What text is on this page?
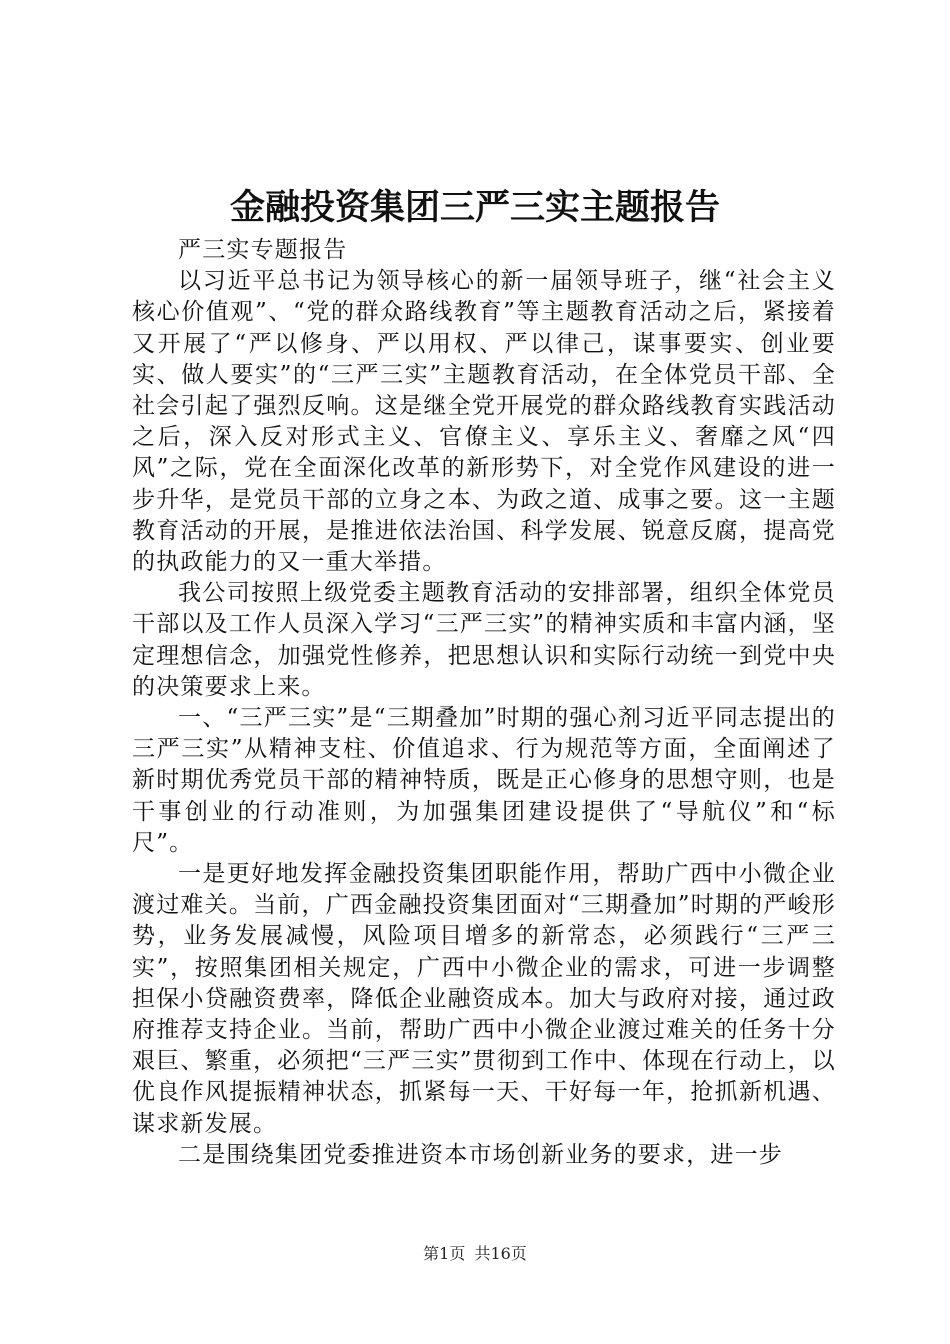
金融投资集团三严三实主题报告

严三实专题报告

以习近平总书记为领导核心的新一届领导班子，继“社会主义核心价值观”、“党的群众路线教育”等主题教育活动之后，紧接着又开展了“严以修身、严以用权、严以律己，谋事要实、创业要实、做人要实”的“三严三实”主题教育活动，在全体党员干部、全社会引起了强烈反响。这是继全党开展党的群众路线教育实践活动之后，深入反对形式主义、官僚主义、享乐主义、奢靡之风“四风”之际，党在全面深化改革的新形势下，对全党作风建设的进一步升华，是党员干部的立身之本、为政之道、成事之要。这一主题教育活动的开展，是推进依法治国、科学发展、锐意反腐，提高党的执政能力的又一重大举措。

我公司按照上级党委主题教育活动的安排部署，组织全体党员干部以及工作人员深入学习“三严三实”的精神实质和丰富内涵，坚定理想信念，加强党性修养，把思想认识和实际行动统一到党中央的决策要求上来。

一、“三严三实”是“三期叠加”时期的强心剂习近平同志提出的三严三实”从精神支柱、价值追求、行为规范等方面，全面阐述了新时期优秀党员干部的精神特质，既是正心修身的思想守则，也是干事创业的行动准则，为加强集团建设提供了“导航仪”和“标尺”。

一是更好地发挥金融投资集团职能作用，帮助广西中小微企业渡过难关。当前，广西金融投资集团面对“三期叠加”时期的严峻形势，业务发展减慢，风险项目增多的新常态，必须践行“三严三实”，按照集团相关规定，广西中小微企业的需求，可进一步调整担保小贷融资费率，降低企业融资成本。加大与政府对接，通过政府推荐支持企业。当前，帮助广西中小微企业渡过难关的任务十分艰巨、繁重，必须把“三严三实”贯彻到工作中、体现在行动上，以优良作风提振精神状态，抓紧每一天、干好每一年，抢抓新机遇、谋求新发展。

二是围绕集团党委推进资本市场创新业务的要求，进一步

第1页 共16页
